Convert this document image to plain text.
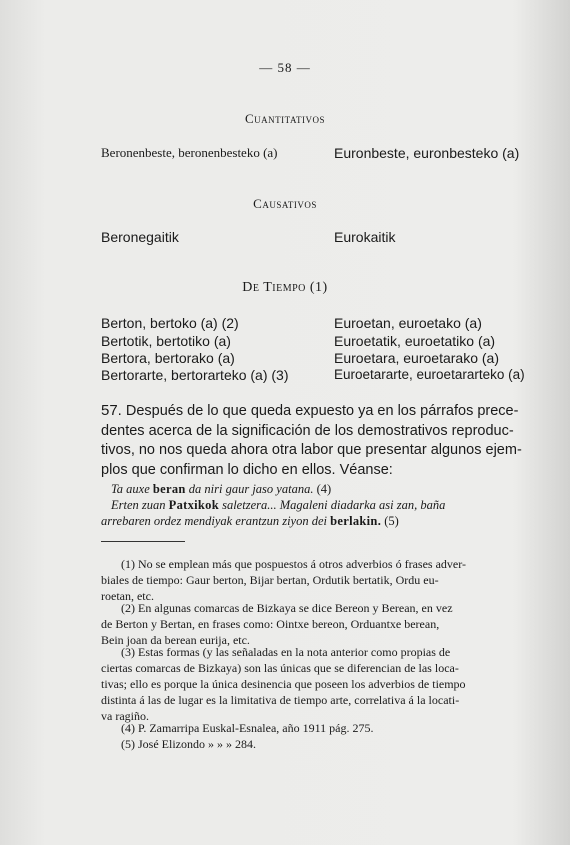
— 58 —
Cuantitativos
Beronenbeste, beronenbesteko (a)	Euronbeste, euronbesteko (a)
Causativos
Beronegaitik	Eurokaitik
De Tiempo (1)
Berton, bertoko (a) (2)	Euroetan, euroetako (a)
Bertotik, bertotiko (a)	Euroetatik, euroetatiko (a)
Bertora, bertorako (a)	Euroetara, euroetarako (a)
Bertorarte, bertorarteko (a) (3)	Euroetararte, euroetararteko (a)
57. Después de lo que queda expuesto ya en los párrafos prece-
dentes acerca de la significación de los demostrativos reproduc-
tivos, no nos queda ahora otra labor que presentar algunos ejem-
plos que confirman lo dicho en ellos. Véanse:
Ta auxe beran da niri gaur jaso yatana. (4)
Erten zuan Patxikok saletzera... Magaleni diadarka asi zan, baña
arrebaren ordez mendiyak erantzun ziyon dei berlakin. (5)
(1) No se emplean más que pospuestos á otros adverbios ó frases adver-
biales de tiempo: Gaur berton, Bijar bertan, Ordutik bertatik, Ordu eu-
roetan, etc.
(2) En algunas comarcas de Bizkaya se dice Bereon y Berean, en vez
de Berton y Bertan, en frases como: Ointxe bereon, Orduantxe berean,
Bein joan da berean eurija, etc.
(3) Estas formas (y las señaladas en la nota anterior como propias de
ciertas comarcas de Bizkaya) son las únicas que se diferencian de las loca-
tivas; ello es porque la única desinencia que poseen los adverbios de tiempo
distinta á las de lugar es la limitativa de tiempo arte, correlativa á la locati-
va ragiño.
(4) P. Zamarripa Euskal-Esnalea, año 1911 pág. 275.
(5) José Elizondo » » » 284.
